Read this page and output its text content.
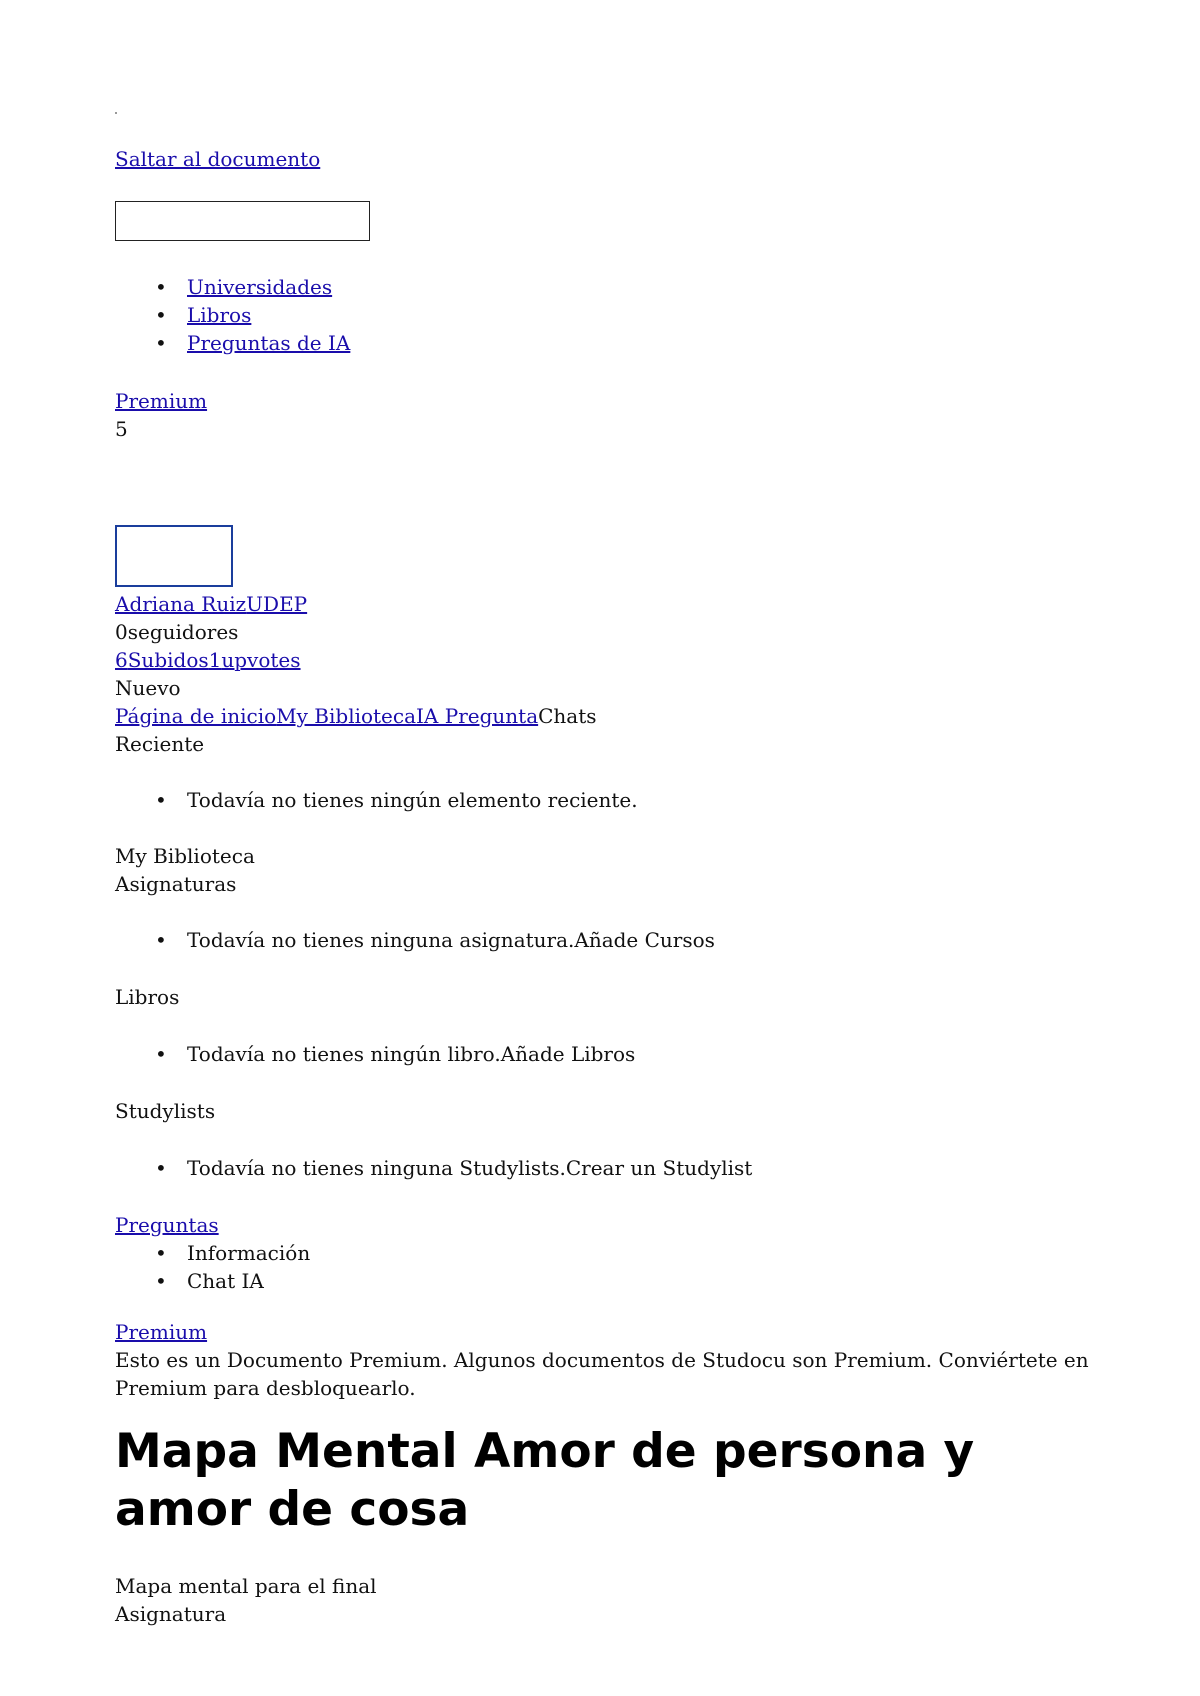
Saltar al documento
• Universidades
• Libros
• Preguntas de IA
Premium
5
Adriana RuizUDEP
0seguidores
6Subidos1upvotes
Nuevo
Página de inicioMy BibliotecaIA PreguntaChats
Reciente
• Todavía no tienes ningún elemento reciente.
My Biblioteca
Asignaturas
• Todavía no tienes ninguna asignatura.Añade Cursos
Libros
• Todavía no tienes ningún libro.Añade Libros
Studylists
• Todavía no tienes ninguna Studylists.Crear un Studylist
Preguntas
• Información
• Chat IA
Premium
Esto es un Documento Premium. Algunos documentos de Studocu son Premium. Conviértete en Premium para desbloquearlo.
Mapa Mental Amor de persona y amor de cosa
Mapa mental para el final
Asignatura
